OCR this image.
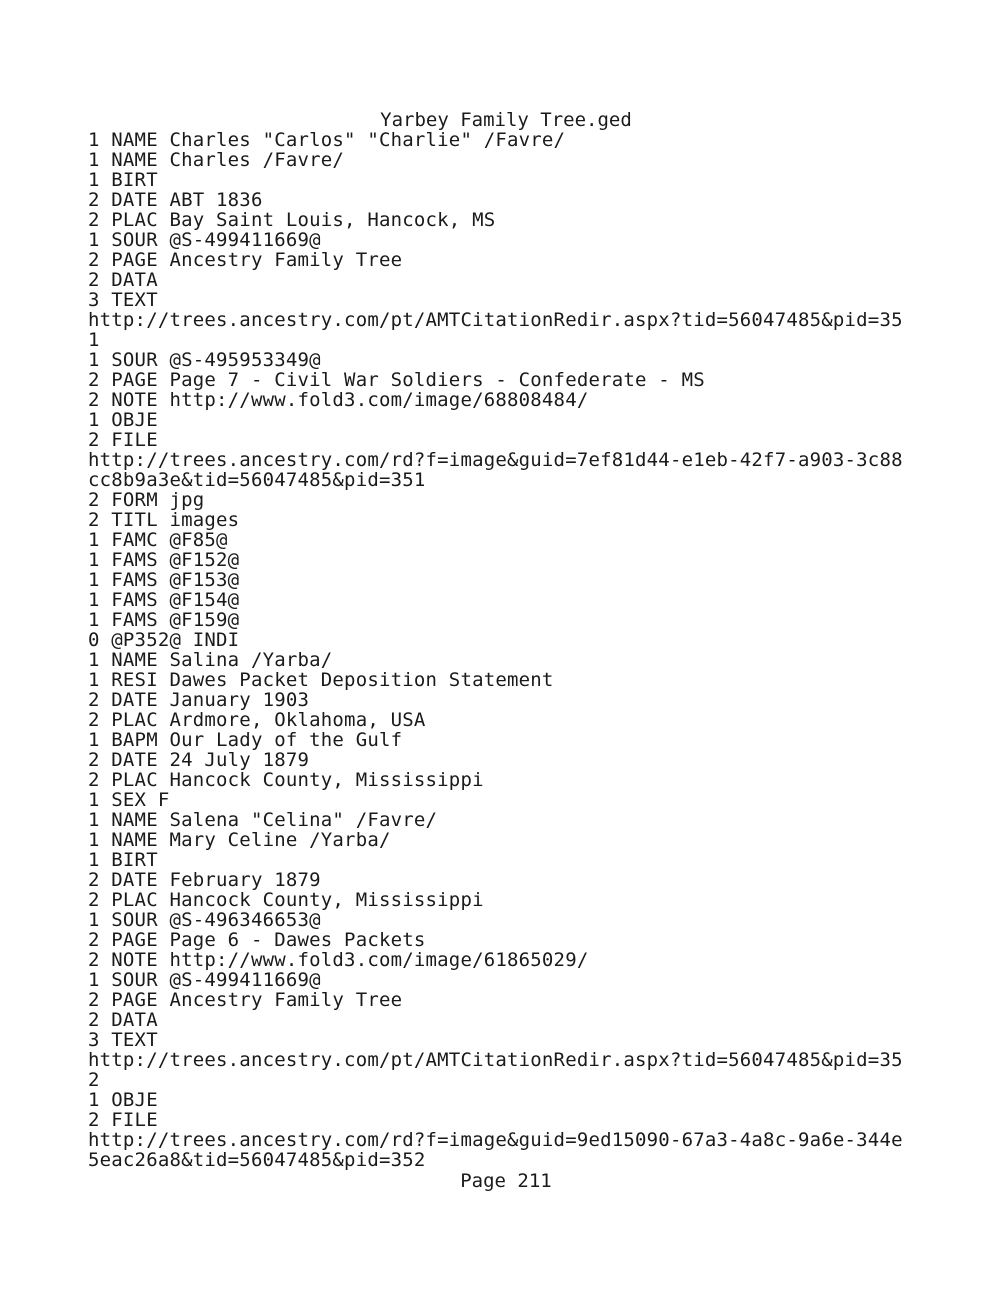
Yarbey Family Tree.ged
1 NAME Charles "Carlos" "Charlie" /Favre/
1 NAME Charles /Favre/
1 BIRT
2 DATE ABT 1836
2 PLAC Bay Saint Louis, Hancock, MS
1 SOUR @S-499411669@
2 PAGE Ancestry Family Tree
2 DATA
3 TEXT
http://trees.ancestry.com/pt/AMTCitationRedir.aspx?tid=56047485&pid=35
1
1 SOUR @S-495953349@
2 PAGE Page 7 - Civil War Soldiers - Confederate - MS
2 NOTE http://www.fold3.com/image/68808484/
1 OBJE
2 FILE
http://trees.ancestry.com/rd?f=image&guid=7ef81d44-e1eb-42f7-a903-3c88
cc8b9a3e&tid=56047485&pid=351
2 FORM jpg
2 TITL images
1 FAMC @F85@
1 FAMS @F152@
1 FAMS @F153@
1 FAMS @F154@
1 FAMS @F159@
0 @P352@ INDI
1 NAME Salina /Yarba/
1 RESI Dawes Packet Deposition Statement
2 DATE January 1903
2 PLAC Ardmore, Oklahoma, USA
1 BAPM Our Lady of the Gulf
2 DATE 24 July 1879
2 PLAC Hancock County, Mississippi
1 SEX F
1 NAME Salena "Celina" /Favre/
1 NAME Mary Celine /Yarba/
1 BIRT
2 DATE February 1879
2 PLAC Hancock County, Mississippi
1 SOUR @S-496346653@
2 PAGE Page 6 - Dawes Packets
2 NOTE http://www.fold3.com/image/61865029/
1 SOUR @S-499411669@
2 PAGE Ancestry Family Tree
2 DATA
3 TEXT
http://trees.ancestry.com/pt/AMTCitationRedir.aspx?tid=56047485&pid=35
2
1 OBJE
2 FILE
http://trees.ancestry.com/rd?f=image&guid=9ed15090-67a3-4a8c-9a6e-344e
5eac26a8&tid=56047485&pid=352
Page 211
